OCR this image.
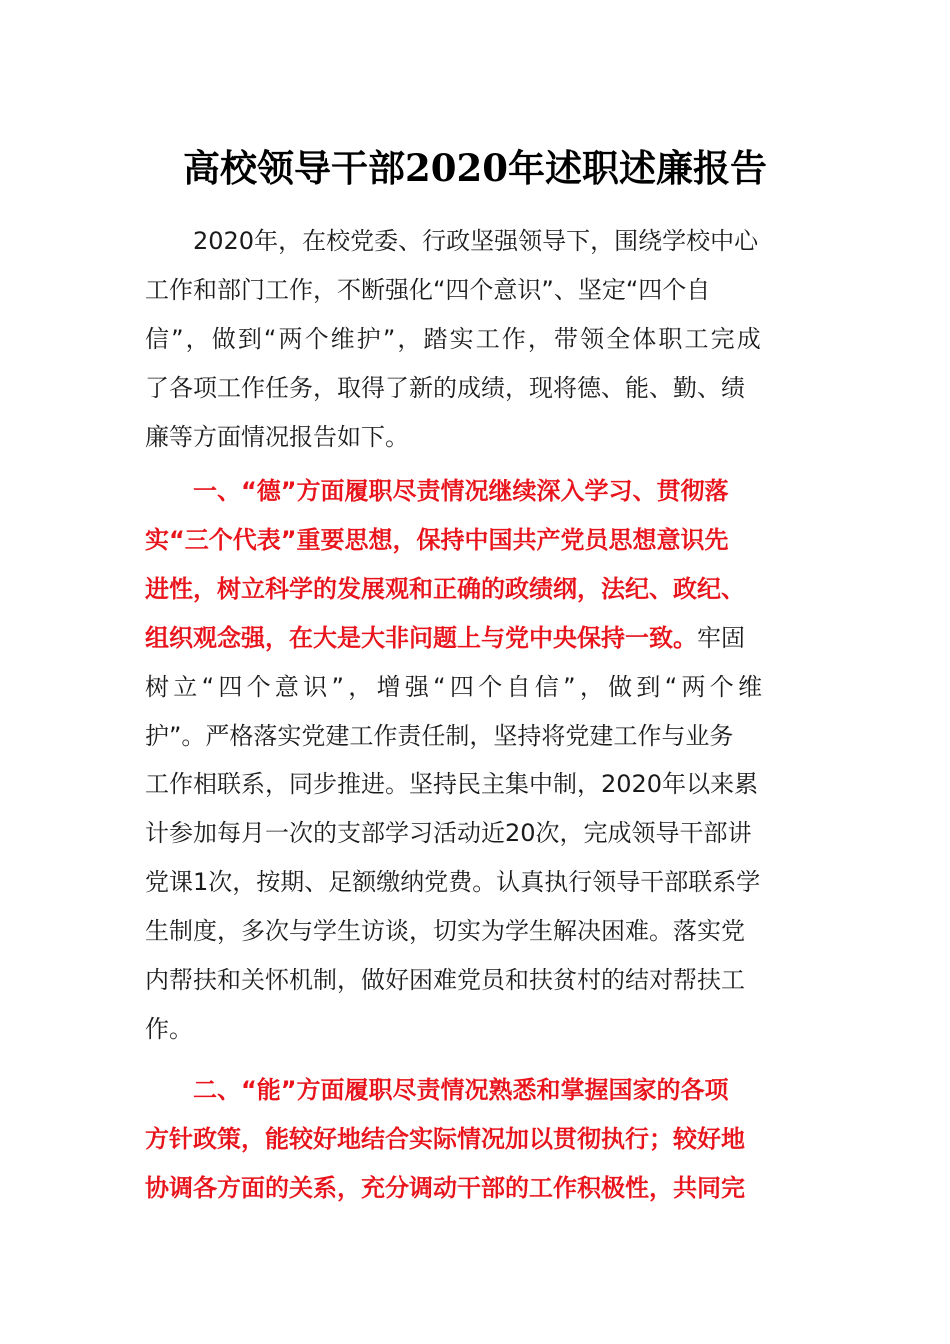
高校领导干部2020年述职述廉报告
2020年，在校党委、行政坚强领导下，围绕学校中心
工作和部门工作，不断强化“四个意识”、坚定“四个自
信”，做到“两个维护”，踏实工作，带领全体职工完成
了各项工作任务，取得了新的成绩，现将德、能、勤、绩
廉等方面情况报告如下。
一、“德”方面履职尽责情况继续深入学习、贯彻落
实“三个代表”重要思想，保持中国共产党员思想意识先
进性，树立科学的发展观和正确的政绩纲，法纪、政纪、
组织观念强，在大是大非问题上与党中央保持一致。牢固
树立“四个意识”，增强“四个自信”，做到“两个维
护”。严格落实党建工作责任制，坚持将党建工作与业务
工作相联系，同步推进。坚持民主集中制，2020年以来累
计参加每月一次的支部学习活动近20次，完成领导干部讲
党课1次，按期、足额缴纳党费。认真执行领导干部联系学
生制度，多次与学生访谈，切实为学生解决困难。落实党
内帮扶和关怀机制，做好困难党员和扶贫村的结对帮扶工
作。
二、“能”方面履职尽责情况熟悉和掌握国家的各项
方针政策，能较好地结合实际情况加以贯彻执行；较好地
协调各方面的关系，充分调动干部的工作积极性，共同完
